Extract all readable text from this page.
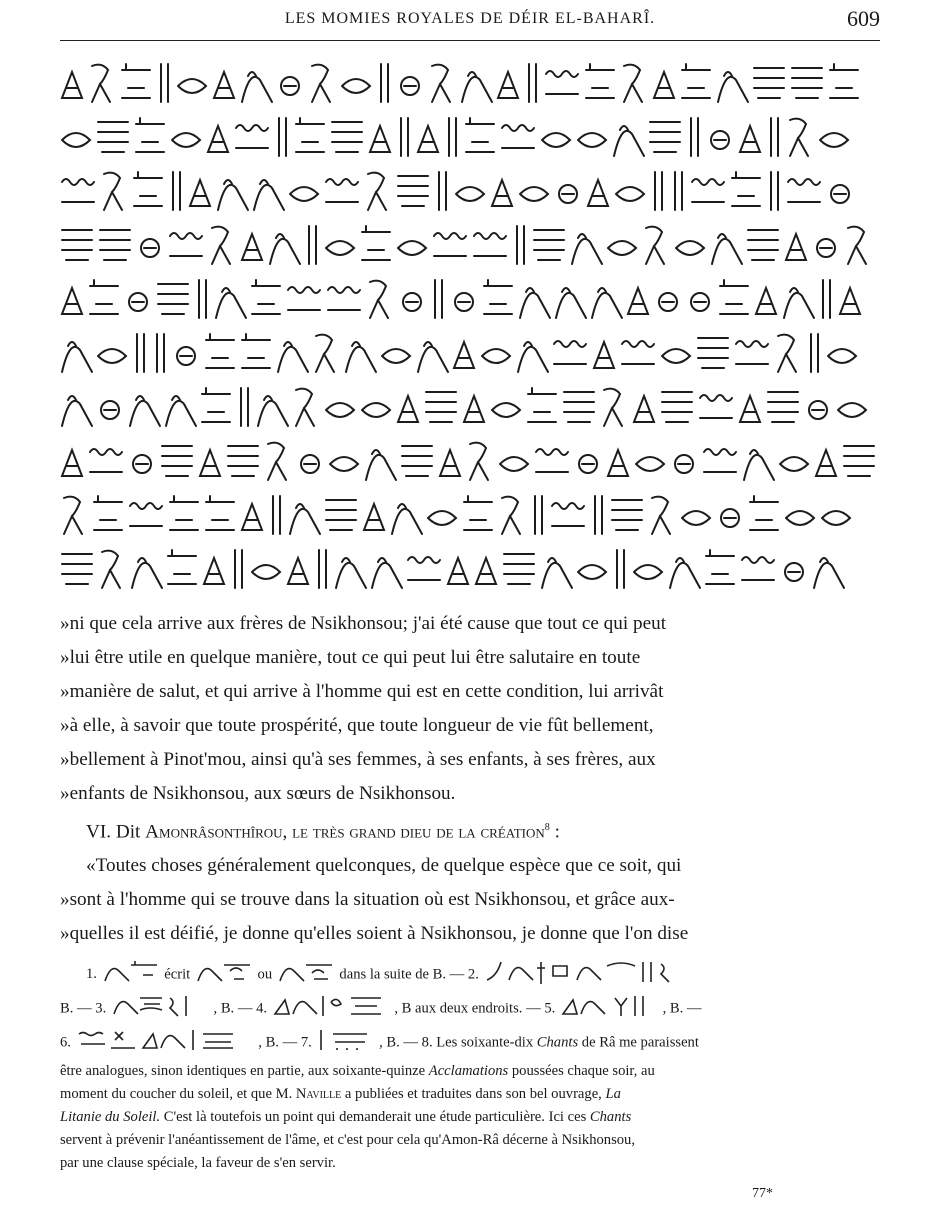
LES MOMIES ROYALES DE DÉIR EL-BAHARÎ.	609

»ni que cela arrive aux frères de Nsikhonsou; j'ai été cause que tout ce qui peut

»lui être utile en quelque manière, tout ce qui peut lui être salutaire en toute

»manière de salut, et qui arrive à l'homme qui est en cette condition, lui arrivât

»à elle, à savoir que toute prospérité, que toute longueur de vie fût bellement,

»bellement à Pinot'mou, ainsi qu'à ses femmes, à ses enfants, à ses frères, aux

»enfants de Nsikhonsou, aux sœurs de Nsikhonsou.

VI. Dit Amonrâsonthîrou, le très grand dieu de la création$^8$ :

«Toutes choses généralement quelconques, de quelque espèce que ce soit, qui

»sont à l'homme qui se trouve dans la situation où est Nsikhonsou, et grâce aux-

»quelles il est déifié, je donne qu'elles soient à Nsikhonsou, je donne que l'on dise

1.	écrit	ou	dans la suite de B. — 2.

B. — 3.	, B. — 4.	, B aux deux endroits. — 5.	, B. —

6.	, B. — 7.	, B. — 8. Les soixante-dix Chants de Râ me paraissent

être analogues, sinon identiques en partie, aux soixante-quinze Acclamations poussées chaque soir, au

moment du coucher du soleil, et que M. Naville a publiées et traduites dans son bel ouvrage, La

Litanie du Soleil. C'est là toutefois un point qui demanderait une étude particulière. Ici ces Chants

servent à prévenir l'anéantissement de l'âme, et c'est pour cela qu'Amon-Râ décerne à Nsikhonsou,

par une clause spéciale, la faveur de s'en servir.

77*
